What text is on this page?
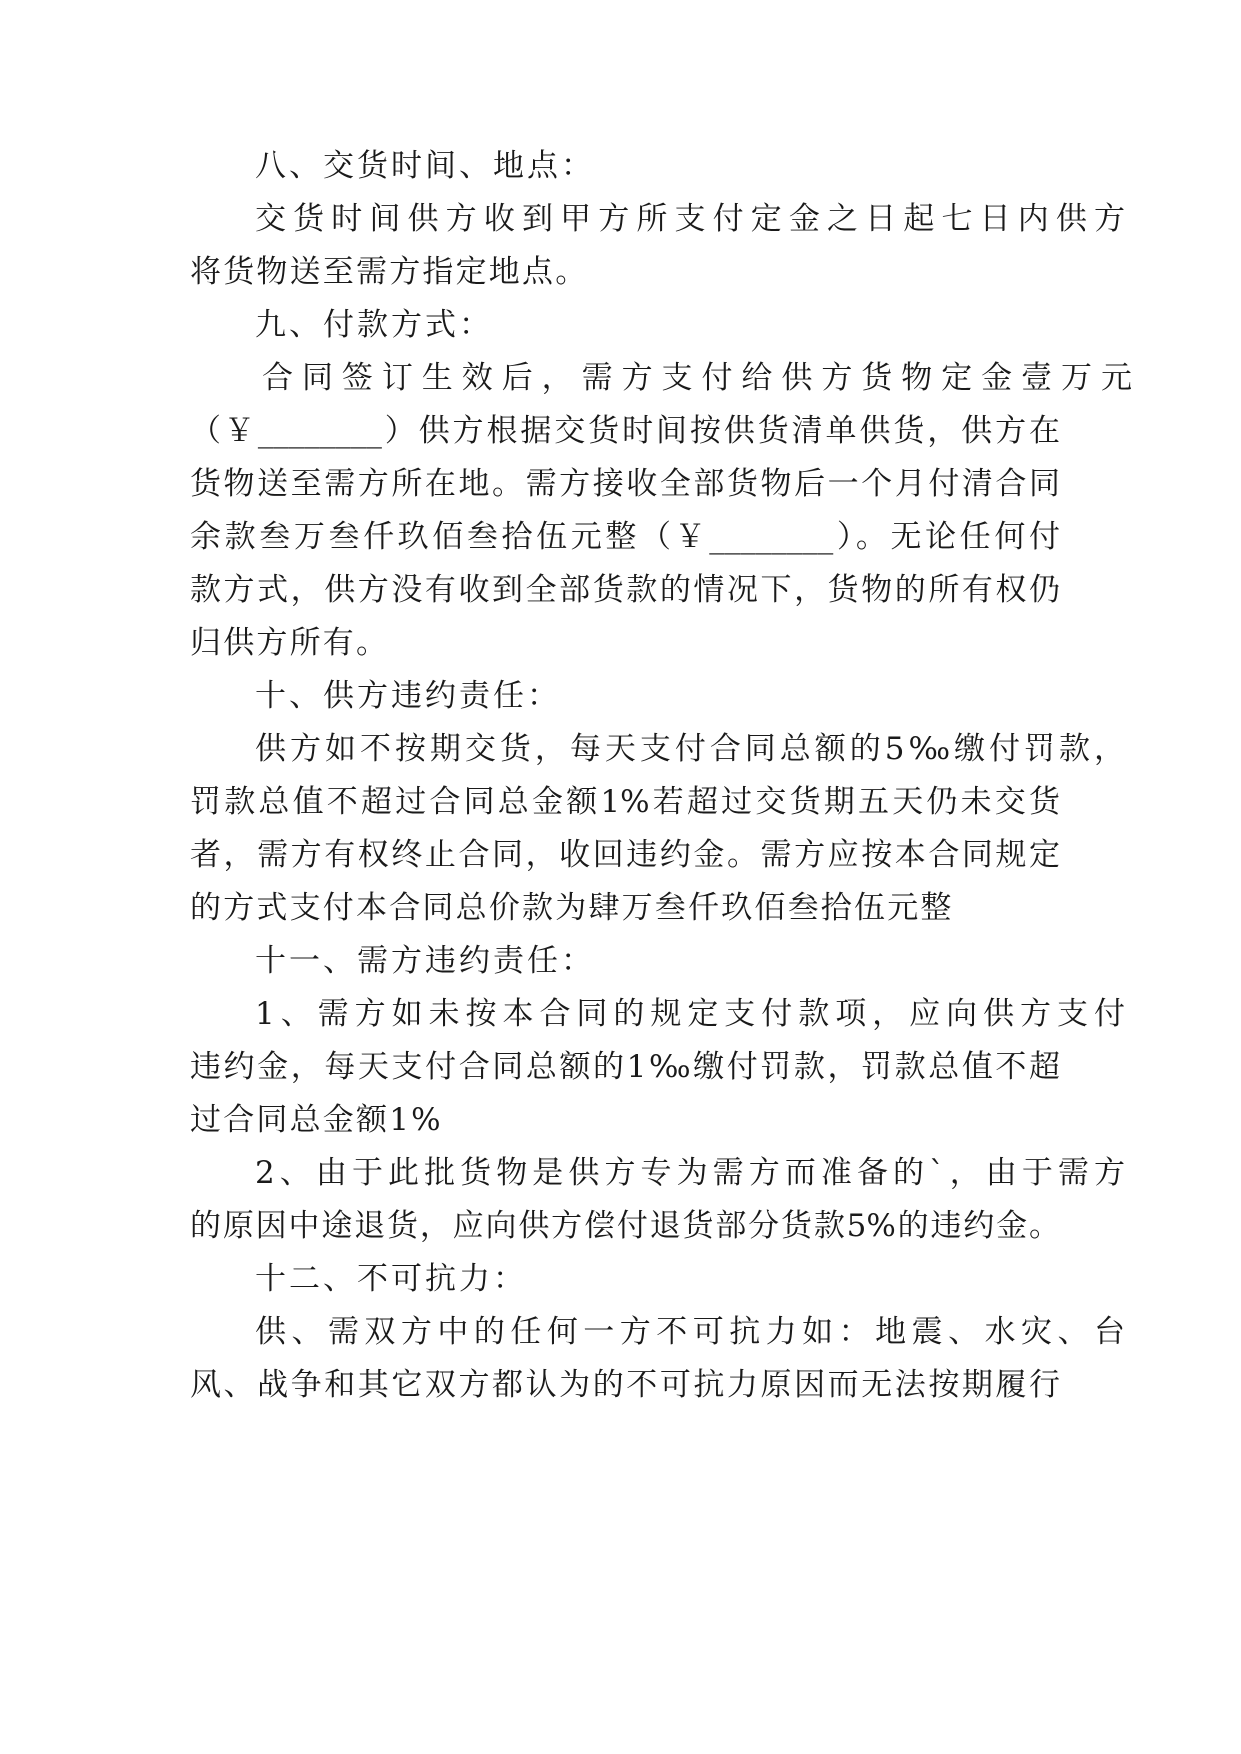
八、交货时间、地点：
交货时间供方收到甲方所支付定金之日起七日内供方
将货物送至需方指定地点。
九、付款方式：
合同签订生效后，需方支付给供方货物定金壹万元
（￥________）供方根据交货时间按供货清单供货，供方在
货物送至需方所在地。需方接收全部货物后一个月付清合同
余款叁万叁仟玖佰叁拾伍元整（￥________）。无论任何付
款方式，供方没有收到全部货款的情况下，货物的所有权仍
归供方所有。
十、供方违约责任：
供方如不按期交货，每天支付合同总额的5‰缴付罚款，
罚款总值不超过合同总金额1%若超过交货期五天仍未交货
者，需方有权终止合同，收回违约金。需方应按本合同规定
的方式支付本合同总价款为肆万叁仟玖佰叁拾伍元整
十一、需方违约责任：
1、需方如未按本合同的规定支付款项，应向供方支付
违约金，每天支付合同总额的1‰缴付罚款，罚款总值不超
过合同总金额1%
2、由于此批货物是供方专为需方而准备的`，由于需方
的原因中途退货，应向供方偿付退货部分货款5%的违约金。
十二、不可抗力：
供、需双方中的任何一方不可抗力如：地震、水灾、台
风、战争和其它双方都认为的不可抗力原因而无法按期履行
